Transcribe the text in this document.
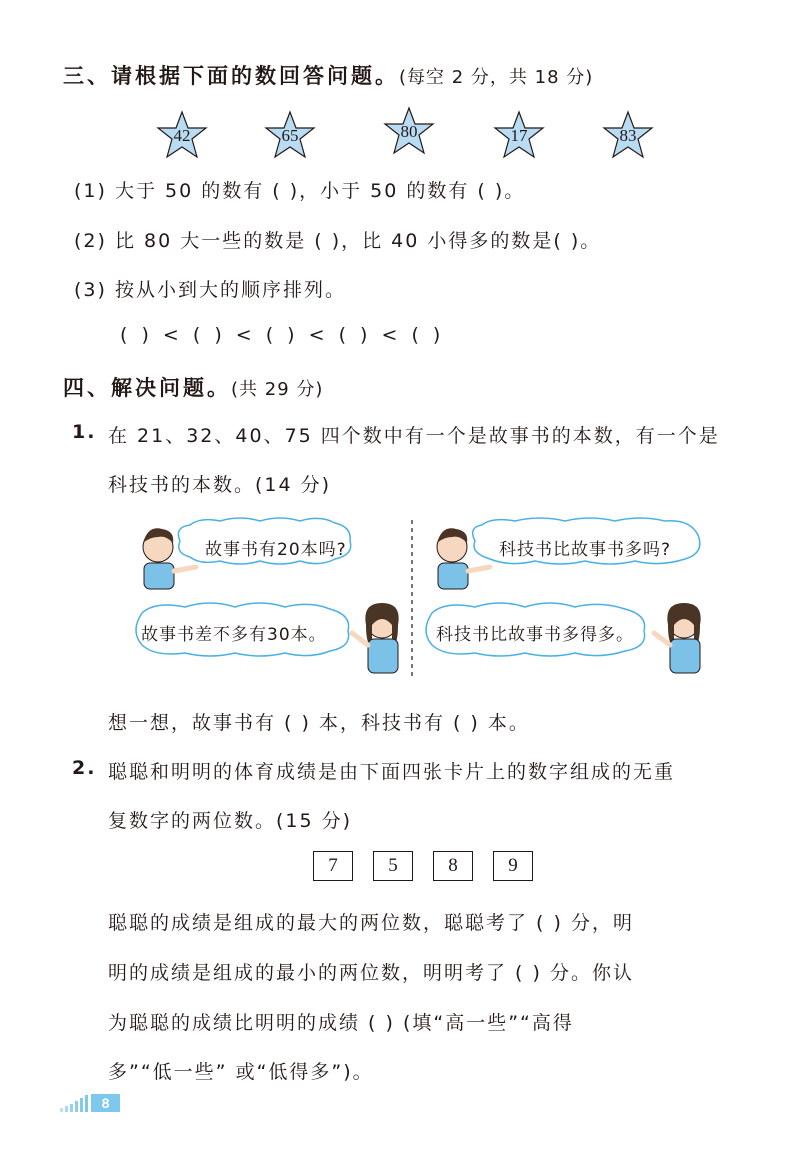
三、请根据下面的数回答问题。(每空 2 分，共 18 分)
42	65	80	17	83
(1) 大于 50 的数有 ( )，小于 50 的数有 ( )。
(2) 比 80 大一些的数是 ( )，比 40 小得多的数是( )。
(3) 按从小到大的顺序排列。
( ) < ( ) < ( ) < ( ) < ( )
四、解决问题。(共 29 分)
1. 在 21、32、40、75 四个数中有一个是故事书的本数，有一个是
科技书的本数。(14 分)
故事书有20本吗?
故事书差不多有30本。
科技书比故事书多吗?
科技书比故事书多得多。
想一想，故事书有 ( ) 本，科技书有 ( ) 本。
2. 聪聪和明明的体育成绩是由下面四张卡片上的数字组成的无重
复数字的两位数。(15 分)
7	5	8	9
聪聪的成绩是组成的最大的两位数，聪聪考了 ( ) 分，明
明的成绩是组成的最小的两位数，明明考了 ( ) 分。你认
为聪聪的成绩比明明的成绩 ( ) (填“高一些”“高得
多”“低一些” 或“低得多”)。
8
